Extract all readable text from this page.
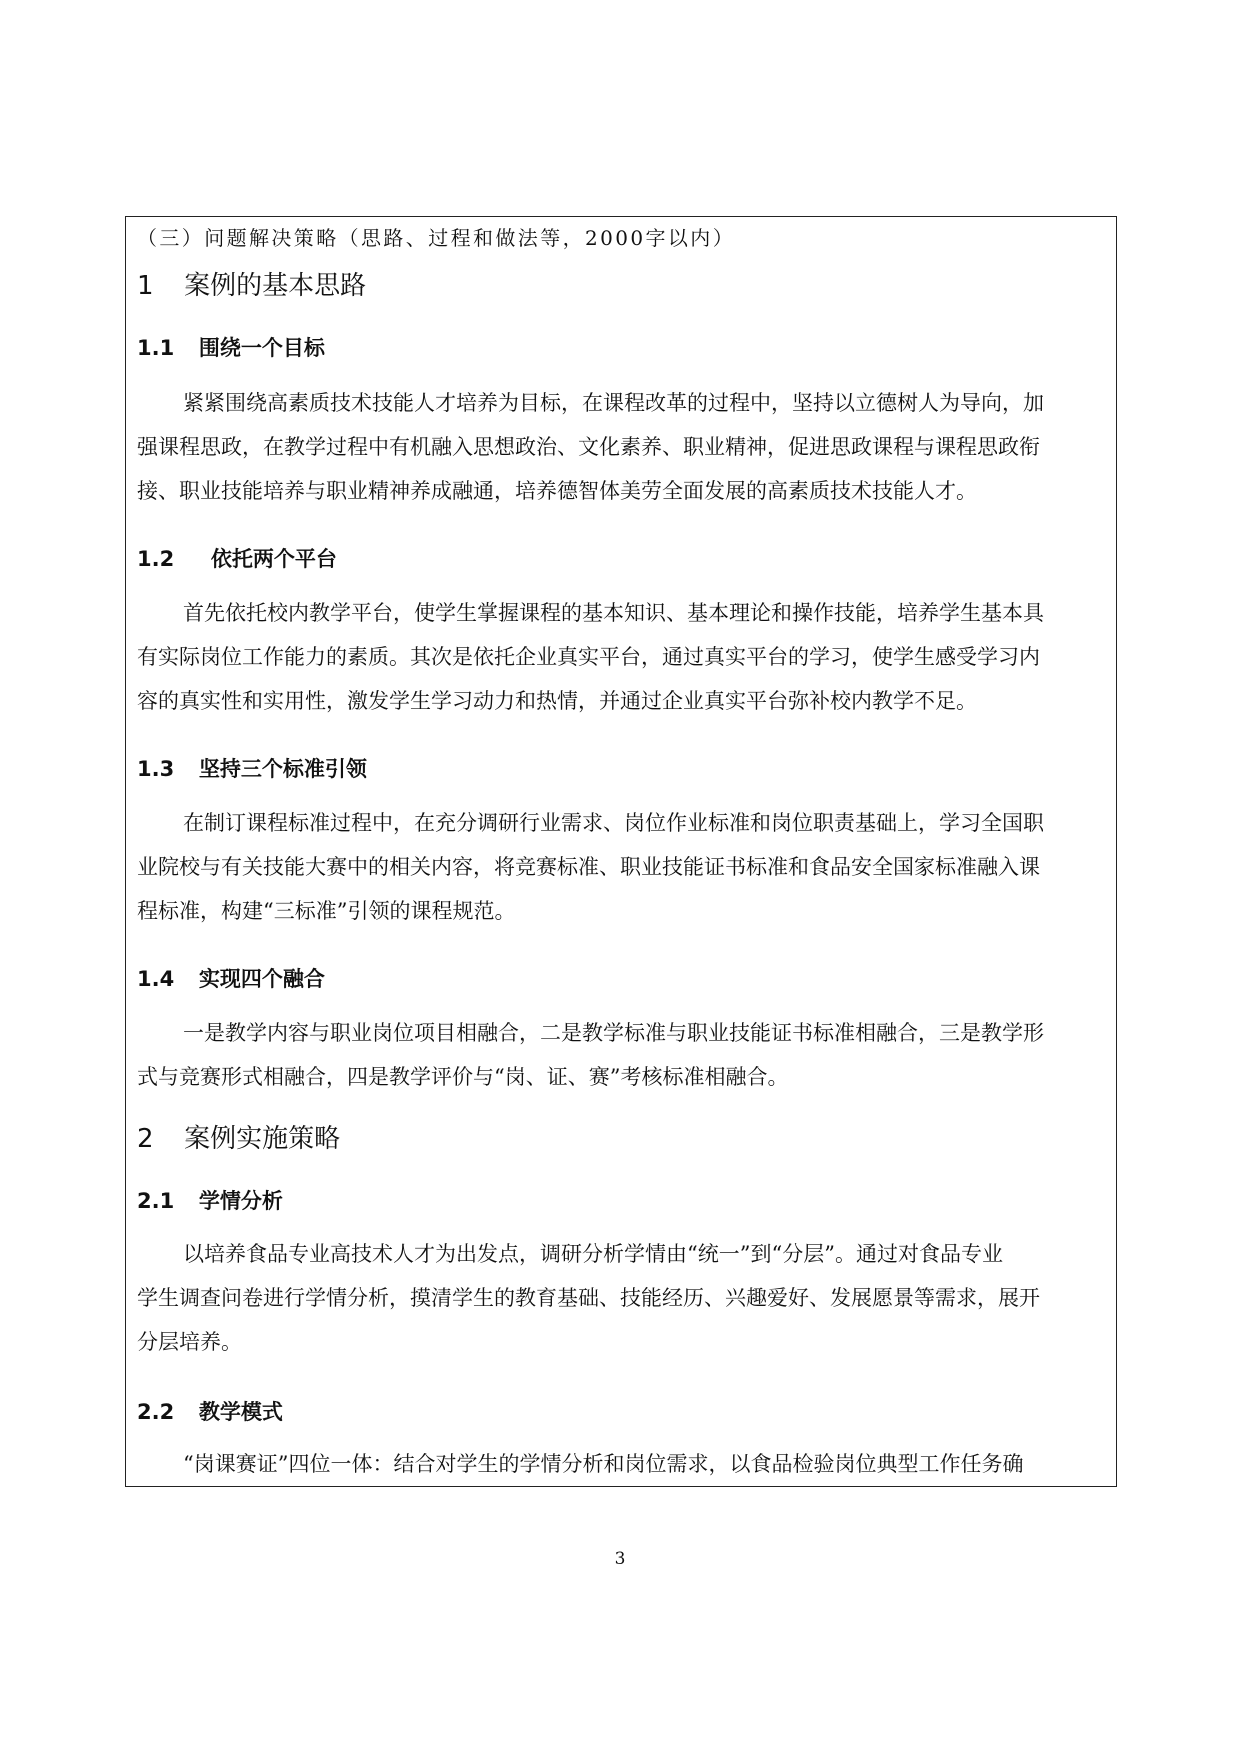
（三）问题解决策略（思路、过程和做法等，2000字以内）
1 案例的基本思路
1.1 围绕一个目标
紧紧围绕高素质技术技能人才培养为目标，在课程改革的过程中，坚持以立德树人为导向，加
强课程思政，在教学过程中有机融入思想政治、文化素养、职业精神，促进思政课程与课程思政衔
接、职业技能培养与职业精神养成融通，培养德智体美劳全面发展的高素质技术技能人才。
1.2 依托两个平台
首先依托校内教学平台，使学生掌握课程的基本知识、基本理论和操作技能，培养学生基本具
有实际岗位工作能力的素质。其次是依托企业真实平台，通过真实平台的学习，使学生感受学习内
容的真实性和实用性，激发学生学习动力和热情，并通过企业真实平台弥补校内教学不足。
1.3 坚持三个标准引领
在制订课程标准过程中，在充分调研行业需求、岗位作业标准和岗位职责基础上，学习全国职
业院校与有关技能大赛中的相关内容，将竞赛标准、职业技能证书标准和食品安全国家标准融入课
程标准，构建“三标准”引领的课程规范。
1.4 实现四个融合
一是教学内容与职业岗位项目相融合，二是教学标准与职业技能证书标准相融合，三是教学形
式与竞赛形式相融合，四是教学评价与“岗、证、赛”考核标准相融合。
2 案例实施策略
2.1 学情分析
以培养食品专业高技术人才为出发点，调研分析学情由“统一”到“分层”。通过对食品专业
学生调查问卷进行学情分析，摸清学生的教育基础、技能经历、兴趣爱好、发展愿景等需求，展开
分层培养。
2.2 教学模式
“岗课赛证”四位一体：结合对学生的学情分析和岗位需求，以食品检验岗位典型工作任务确
3
